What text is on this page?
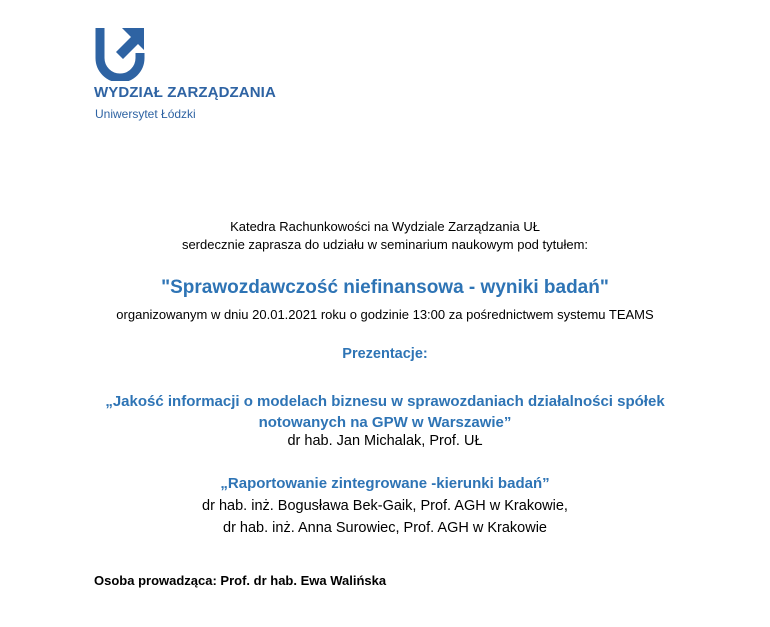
WYDZIAŁ ZARZĄDZANIA
Uniwersytet Łódzki
Katedra Rachunkowości na Wydziale Zarządzania UŁ
serdecznie zaprasza do udziału w seminarium naukowym pod tytułem:
"Sprawozdawczość niefinansowa - wyniki badań"
organizowanym w dniu 20.01.2021 roku o godzinie 13:00 za pośrednictwem systemu TEAMS
Prezentacje:
„Jakość informacji o modelach biznesu w sprawozdaniach działalności spółek
notowanych na GPW w Warszawie”
dr hab. Jan Michalak, Prof. UŁ
„Raportowanie zintegrowane -kierunki badań”
dr hab. inż. Bogusława Bek-Gaik, Prof. AGH w Krakowie,
dr hab. inż. Anna Surowiec, Prof. AGH w Krakowie
Osoba prowadząca: Prof. dr hab. Ewa Walińska
